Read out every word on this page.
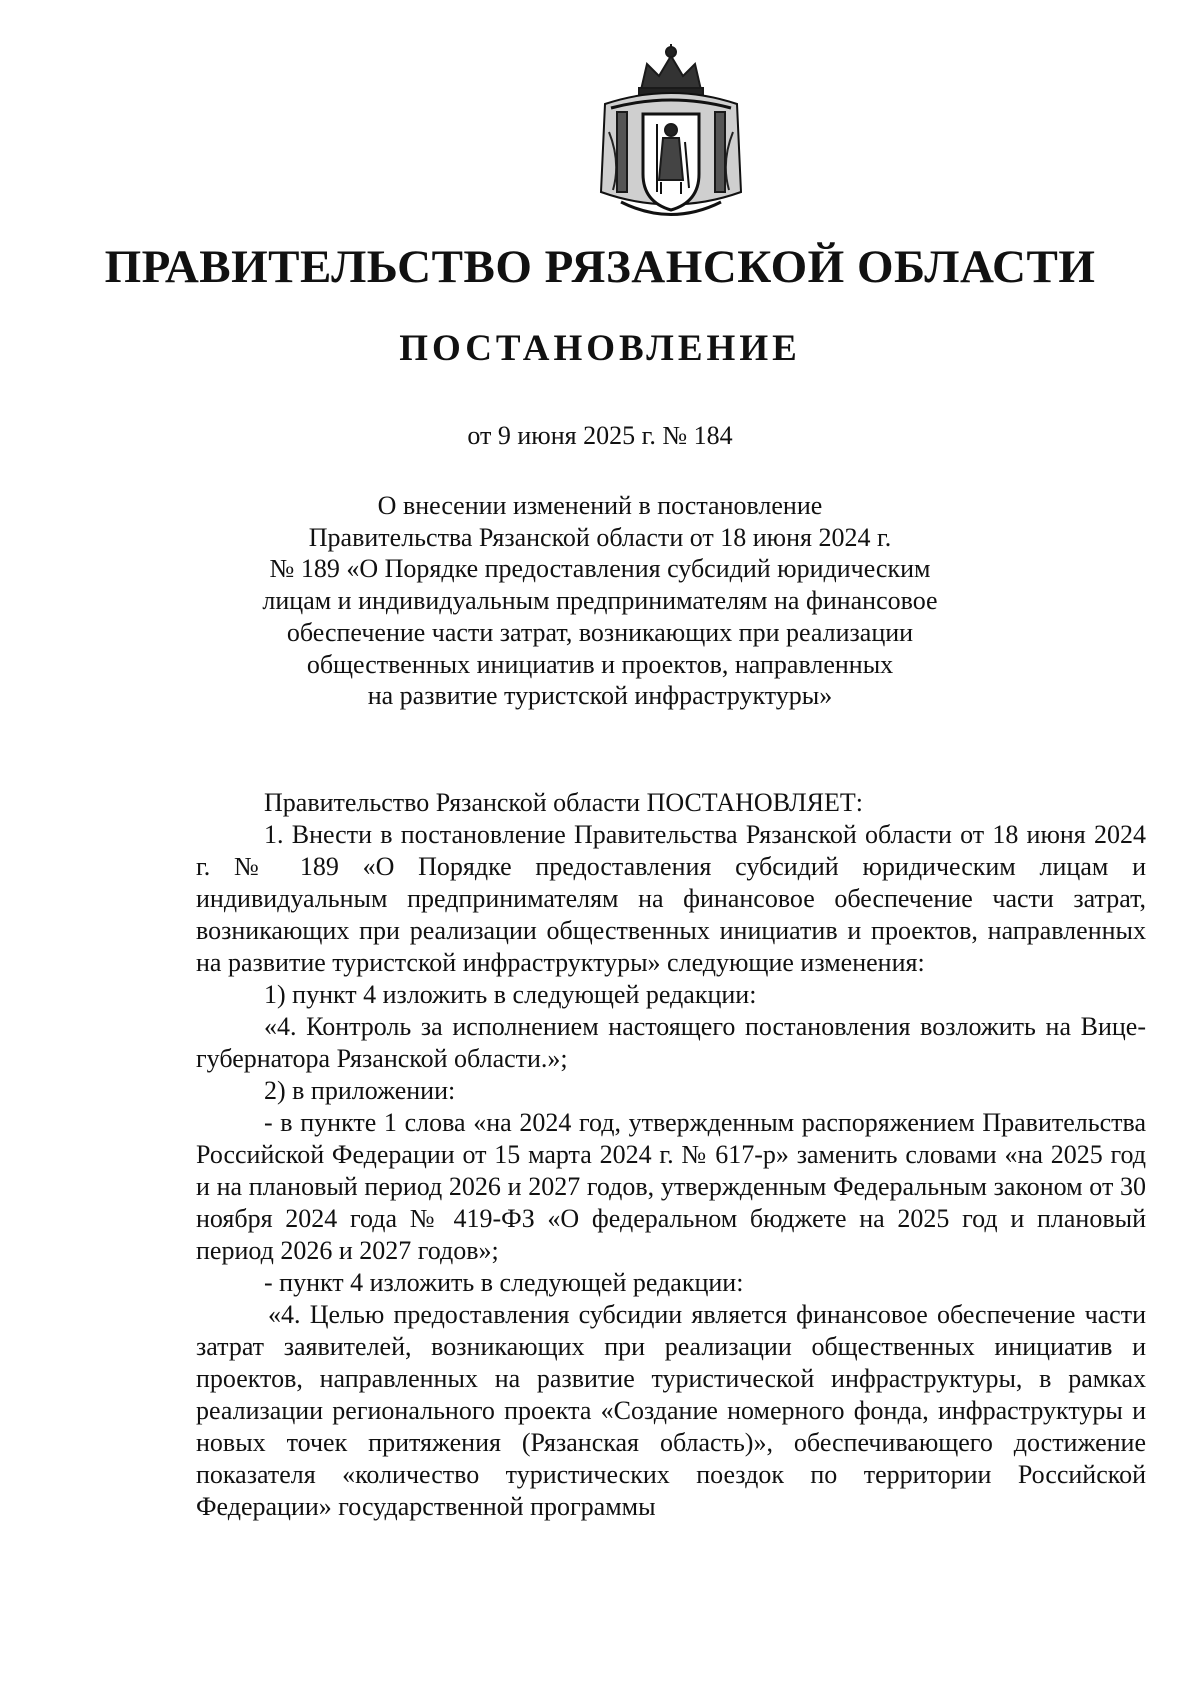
ПРАВИТЕЛЬСТВО РЯЗАНСКОЙ ОБЛАСТИ
ПОСТАНОВЛЕНИЕ
от 9 июня 2025 г. № 184
О внесении изменений в постановление
Правительства Рязанской области от 18 июня 2024 г.
№ 189 «О Порядке предоставления субсидий юридическим
лицам и индивидуальным предпринимателям на финансовое
обеспечение части затрат, возникающих при реализации
общественных инициатив и проектов, направленных
на развитие туристской инфраструктуры»

Правительство Рязанской области ПОСТАНОВЛЯЕТ:

1. Внести в постановление Правительства Рязанской области от 18 июня 2024 г. № 189 «О Порядке предоставления субсидий юридическим лицам и индивидуальным предпринимателям на финансовое обеспечение части затрат, возникающих при реализации общественных инициатив и проектов, направленных на развитие туристской инфраструктуры» следующие изменения:

1) пункт 4 изложить в следующей редакции:

«4. Контроль за исполнением настоящего постановления возложить на Вице-губернатора Рязанской области.»;

2) в приложении:

- в пункте 1 слова «на 2024 год, утвержденным распоряжением Правительства Российской Федерации от 15 марта 2024 г. № 617-р» заменить словами «на 2025 год и на плановый период 2026 и 2027 годов, утвержденным Федеральным законом от 30 ноября 2024 года № 419-ФЗ «О федеральном бюджете на 2025 год и плановый период 2026 и 2027 годов»;

- пункт 4 изложить в следующей редакции:

«4. Целью предоставления субсидии является финансовое обеспечение части затрат заявителей, возникающих при реализации общественных инициатив и проектов, направленных на развитие туристической инфраструктуры, в рамках реализации регионального проекта «Создание номерного фонда, инфраструктуры и новых точек притяжения (Рязанская область)», обеспечивающего достижение показателя «количество туристических поездок по территории Российской Федерации» государственной программы
